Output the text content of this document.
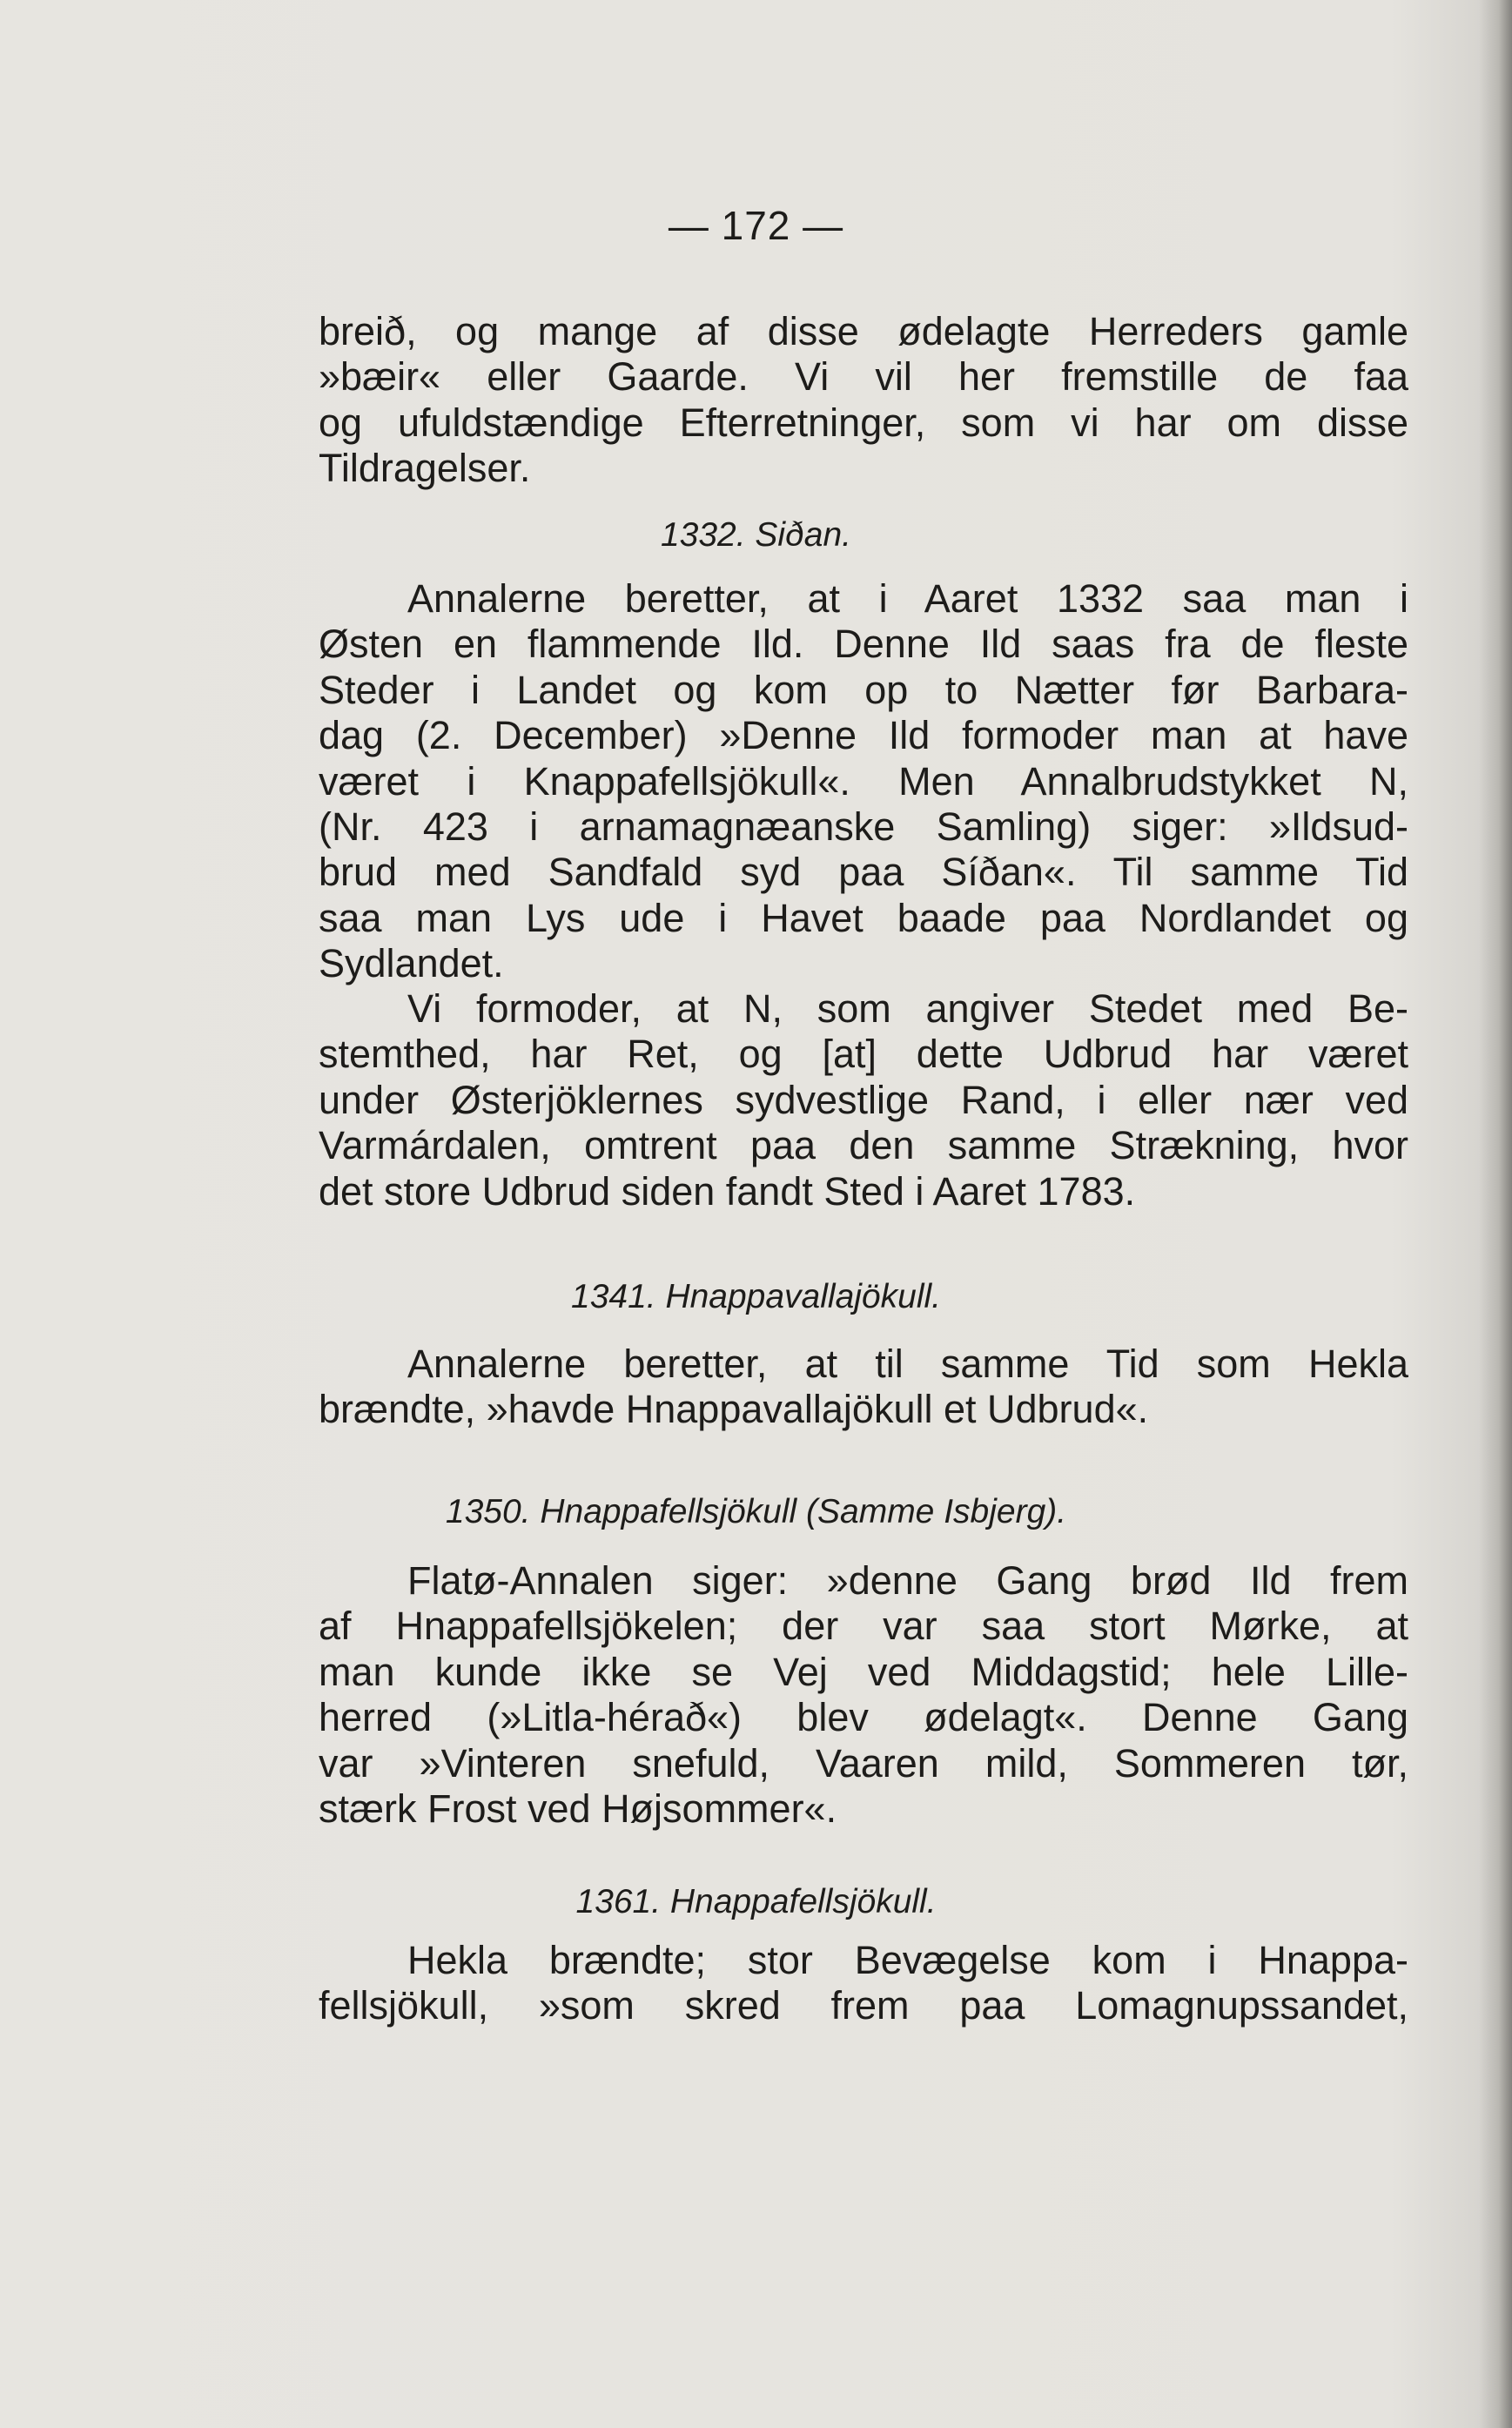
— 172 —

breið, og mange af disse ødelagte Herreders gamle

»bæir« eller Gaarde. Vi vil her fremstille de faa

og ufuldstændige Efterretninger, som vi har om disse

Tildragelser.

1332. Siðan.

Annalerne beretter, at i Aaret 1332 saa man i

Østen en flammende Ild. Denne Ild saas fra de fleste

Steder i Landet og kom op to Nætter før Barbara-

dag (2. December) »Denne Ild formoder man at have

været i Knappafellsjökull«. Men Annalbrudstykket N,

(Nr. 423 i arnamagnæanske Samling) siger: »Ildsud-

brud med Sandfald syd paa Síðan«. Til samme Tid

saa man Lys ude i Havet baade paa Nordlandet og

Sydlandet.

Vi formoder, at N, som angiver Stedet med Be-

stemthed, har Ret, og [at] dette Udbrud har været

under Østerjöklernes sydvestlige Rand, i eller nær ved

Varmárdalen, omtrent paa den samme Strækning, hvor

det store Udbrud siden fandt Sted i Aaret 1783.

1341. Hnappavallajökull.

Annalerne beretter, at til samme Tid som Hekla

brændte, »havde Hnappavallajökull et Udbrud«.

1350. Hnappafellsjökull (Samme Isbjerg).

Flatø-Annalen siger: »denne Gang brød Ild frem

af Hnappafellsjökelen; der var saa stort Mørke, at

man kunde ikke se Vej ved Middagstid; hele Lille-

herred (»Litla-hérað«) blev ødelagt«. Denne Gang

var »Vinteren snefuld, Vaaren mild, Sommeren tør,

stærk Frost ved Højsommer«.

1361. Hnappafellsjökull.

Hekla brændte; stor Bevægelse kom i Hnappa-

fellsjökull, »som skred frem paa Lomagnupssandet,
